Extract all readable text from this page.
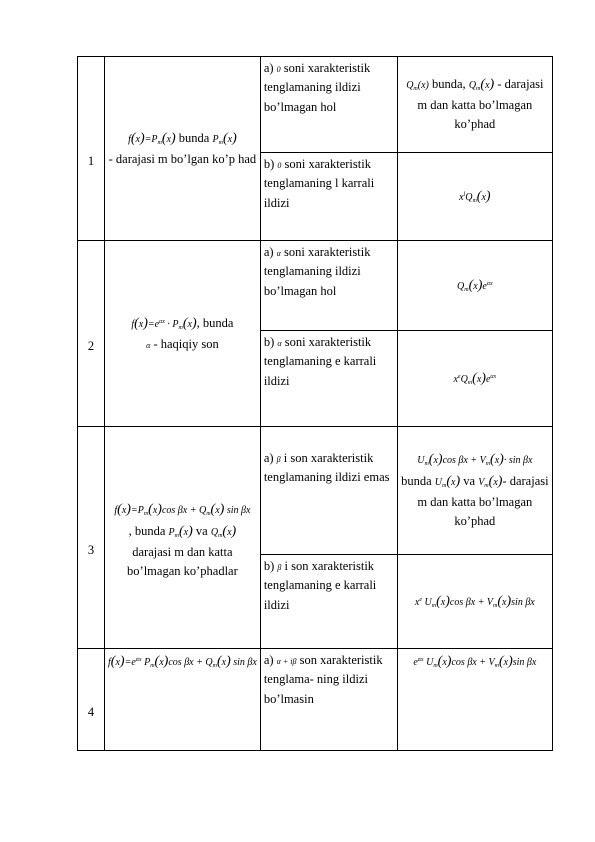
1	$f(x)=P_m(x)$ bunda $P_m(x)$
- darajasi m bo’lgan ko’p had	a) 0 soni xarakteristik tenglamaning ildizi bo’lmagan hol	$Q_m(x)$ bunda, $Q_m(x)$ - darajasi m dan katta bo’lmagan ko’phad
		b) 0 soni xarakteristik tenglamaning l karrali ildizi	$x^lQ_m(x)$
2	$f(x)=e^{\alpha x} \cdot P_m(x)$, bunda
α - haqiqiy son	a) α soni xarakteristik tenglamaning ildizi bo’lmagan hol	$Q_m(x)e^{\alpha x}$
		b) α soni xarakteristik tenglamaning e karrali ildizi	$x^eQ_m(x)e^{\alpha x}$
3	$f(x)=P_m(x)\cos$ $\beta x + Q_m(x)$ sin βx
, bunda $P_m(x)$ va $Q_m(x)$
darajasi m dan katta bo’lmagan ko’phadlar	a) β i son xarakteristik tenglamaning ildizi emas	$U_m(x)\cos$ $\beta x + V_m(x)\cdot \sin \beta x$
bunda $U_m(x)$ va $V_m(x)-$ darajasi m dan katta bo’lmagan ko’phad
		b) β i son xarakteristik tenglamaning e karrali ildizi	$x^e$ $U_m(x)\cos$ $\beta x + V_m(x)\sin$ βx
4	$f(x)=e^{\alpha x}$ $P_m(x)\cos$ $\beta x + Q_m(x)$ sin βx	a) α + iβ son xarakteristik tenglama- ning ildizi bo’lmasin	$e^{\alpha x}$ $U_m(x)\cos$ $\beta x + V_m(x)\sin$ βx
